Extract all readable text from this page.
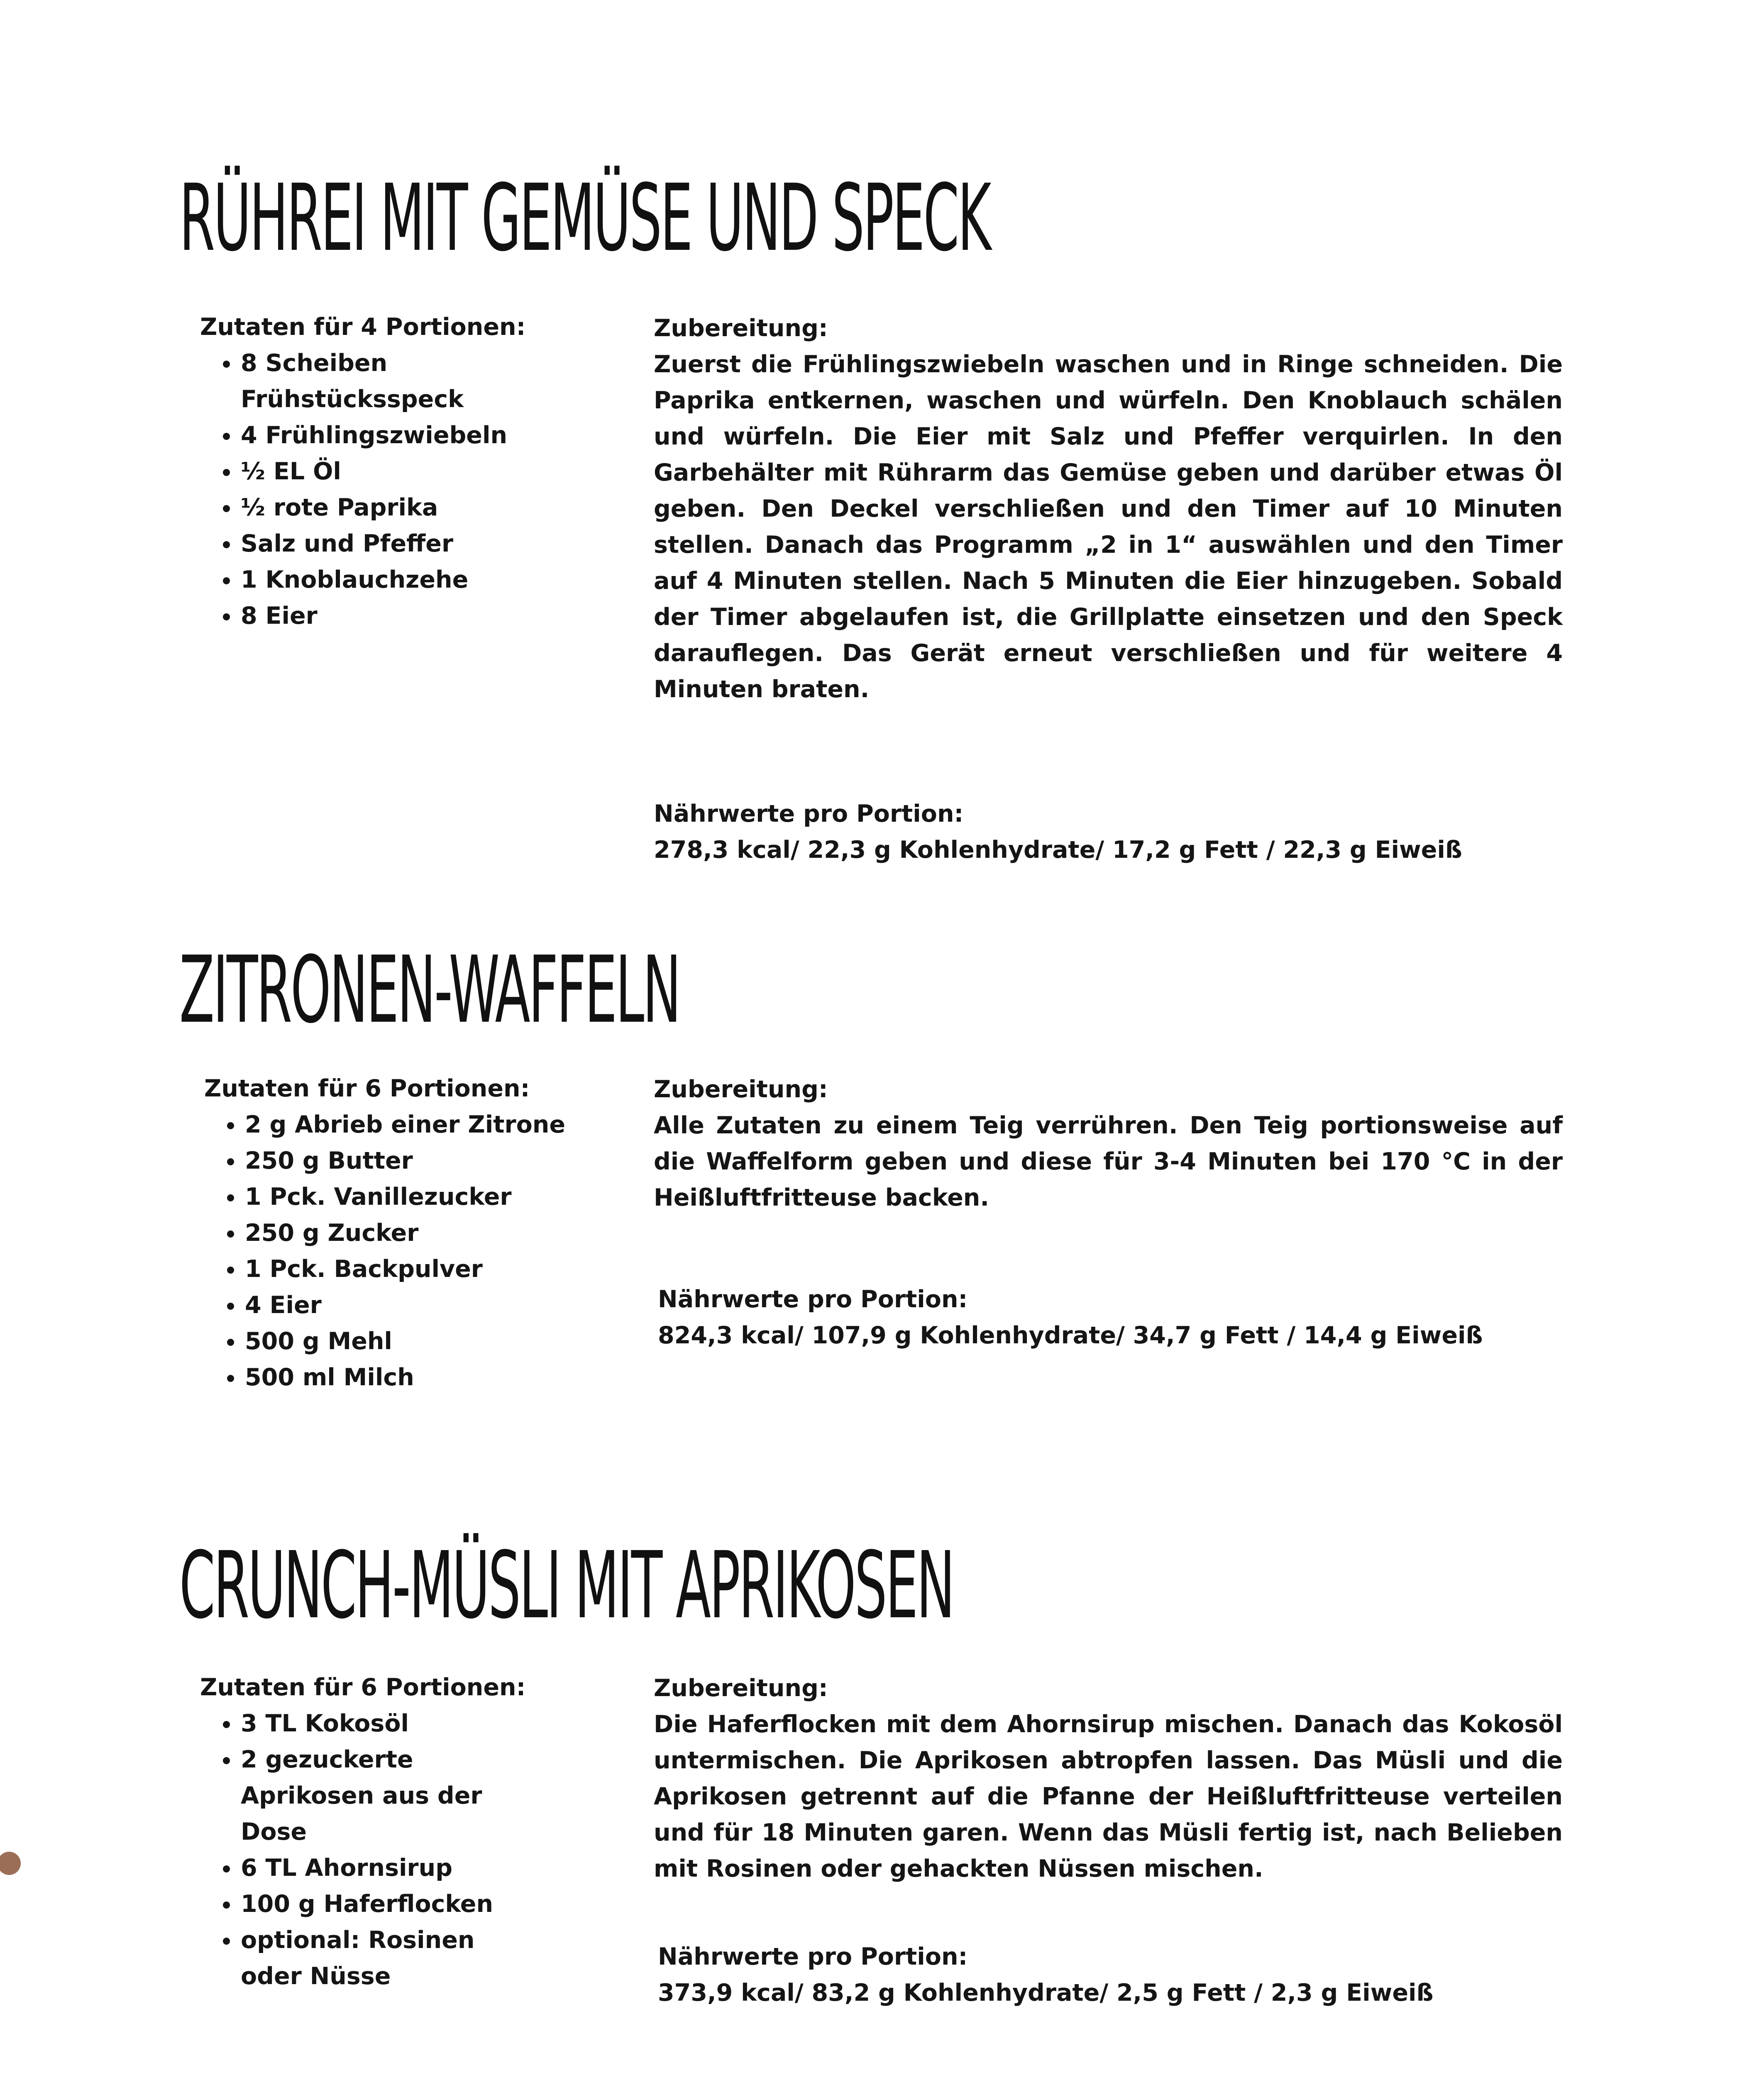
RÜHREI MIT GEMÜSE UND SPECK
Zutaten für 4 Portionen:
• 8 Scheiben Frühstücksspeck
• 4 Frühlingszwiebeln
• ½ EL Öl
• ½ rote Paprika
• Salz und Pfeffer
• 1 Knoblauchzehe
• 8 Eier
Zubereitung:
Zuerst die Frühlingszwiebeln waschen und in Ringe schneiden. Die Paprika entkernen, waschen und würfeln. Den Knoblauch schälen und würfeln. Die Eier mit Salz und Pfeffer verquirlen. In den Garbehälter mit Rührarm das Gemüse geben und darüber etwas Öl geben. Den Deckel verschließen und den Timer auf 10 Minuten stellen. Danach das Programm „2 in 1“ auswählen und den Timer auf 4 Minuten stellen. Nach 5 Minuten die Eier hinzugeben. Sobald der Timer abgelaufen ist, die Grillplatte einsetzen und den Speck darauflegen. Das Gerät erneut verschließen und für weitere 4 Minuten braten.
Nährwerte pro Portion:
278,3 kcal/ 22,3 g Kohlenhydrate/ 17,2 g Fett / 22,3 g Eiweiß
ZITRONEN-WAFFELN
Zutaten für 6 Portionen:
• 2 g Abrieb einer Zitrone
• 250 g Butter
• 1 Pck. Vanillezucker
• 250 g Zucker
• 1 Pck. Backpulver
• 4 Eier
• 500 g Mehl
• 500 ml Milch
Zubereitung:
Alle Zutaten zu einem Teig verrühren. Den Teig portionsweise auf die Waffelform geben und diese für 3-4 Minuten bei 170 °C in der Heißluftfritteuse backen.
Nährwerte pro Portion:
824,3 kcal/ 107,9 g Kohlenhydrate/ 34,7 g Fett / 14,4 g Eiweiß
CRUNCH-MÜSLI MIT APRIKOSEN
Zutaten für 6 Portionen:
• 3 TL Kokosöl
• 2 gezuckerte Aprikosen aus der Dose
• 6 TL Ahornsirup
• 100 g Haferflocken
• optional: Rosinen oder Nüsse
Zubereitung:
Die Haferflocken mit dem Ahornsirup mischen. Danach das Kokosöl untermischen. Die Aprikosen abtropfen lassen. Das Müsli und die Aprikosen getrennt auf die Pfanne der Heißluftfritteuse verteilen und für 18 Minuten garen. Wenn das Müsli fertig ist, nach Belieben mit Rosinen oder gehackten Nüssen mischen.
Nährwerte pro Portion:
373,9 kcal/ 83,2 g Kohlenhydrate/ 2,5 g Fett / 2,3 g Eiweiß
